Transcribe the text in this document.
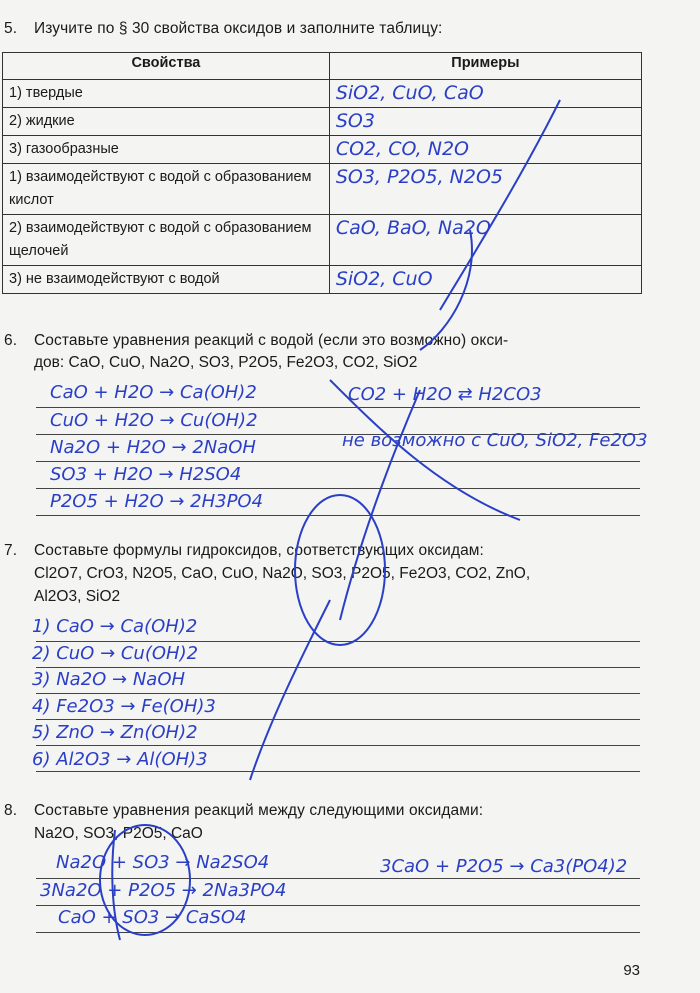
5. Изучите по § 30 свойства оксидов и заполните таблицу:
Свойства	Примеры
1) твердые	SiO2, CuO, CaO
2) жидкие	SO3
3) газообразные	CO2, CO, N2O
1) взаимодействуют с водой с образованием кислот	SO3, P2O5, N2O5
2) взаимодействуют с водой с образованием щелочей	CaO, BaO, Na2O
3) не взаимодействуют с водой	SiO2, CuO
6. Составьте уравнения реакций с водой (если это возможно) окси-
дов: CaO, CuO, Na2O, SO3, P2O5, Fe2O3, CO2, SiO2
CaO + H2O → Ca(OH)2
CuO + H2O → Cu(OH)2
Na2O + H2O → 2NaOH
SO3 + H2O → H2SO4
P2O5 + H2O → 2H3PO4
CO2 + H2O ⇄ H2CO3
не возможно с CuO, SiO2, Fe2O3
7. Составьте формулы гидроксидов, соответствующих оксидам:
Cl2O7, CrO3, N2O5, CaO, CuO, Na2O, SO3, P2O5, Fe2O3, CO2, ZnO,
Al2O3, SiO2
1) CaO → Ca(OH)2
2) CuO → Cu(OH)2
3) Na2O → NaOH
4) Fe2O3 → Fe(OH)3
5) ZnO → Zn(OH)2
6) Al2O3 → Al(OH)3
8. Составьте уравнения реакций между следующими оксидами:
Na2O, SO3, P2O5, CaO
Na2O + SO3 → Na2SO4
3Na2O + P2O5 → 2Na3PO4
CaO + SO3 → CaSO4
3CaO + P2O5 → Ca3(PO4)2
93
